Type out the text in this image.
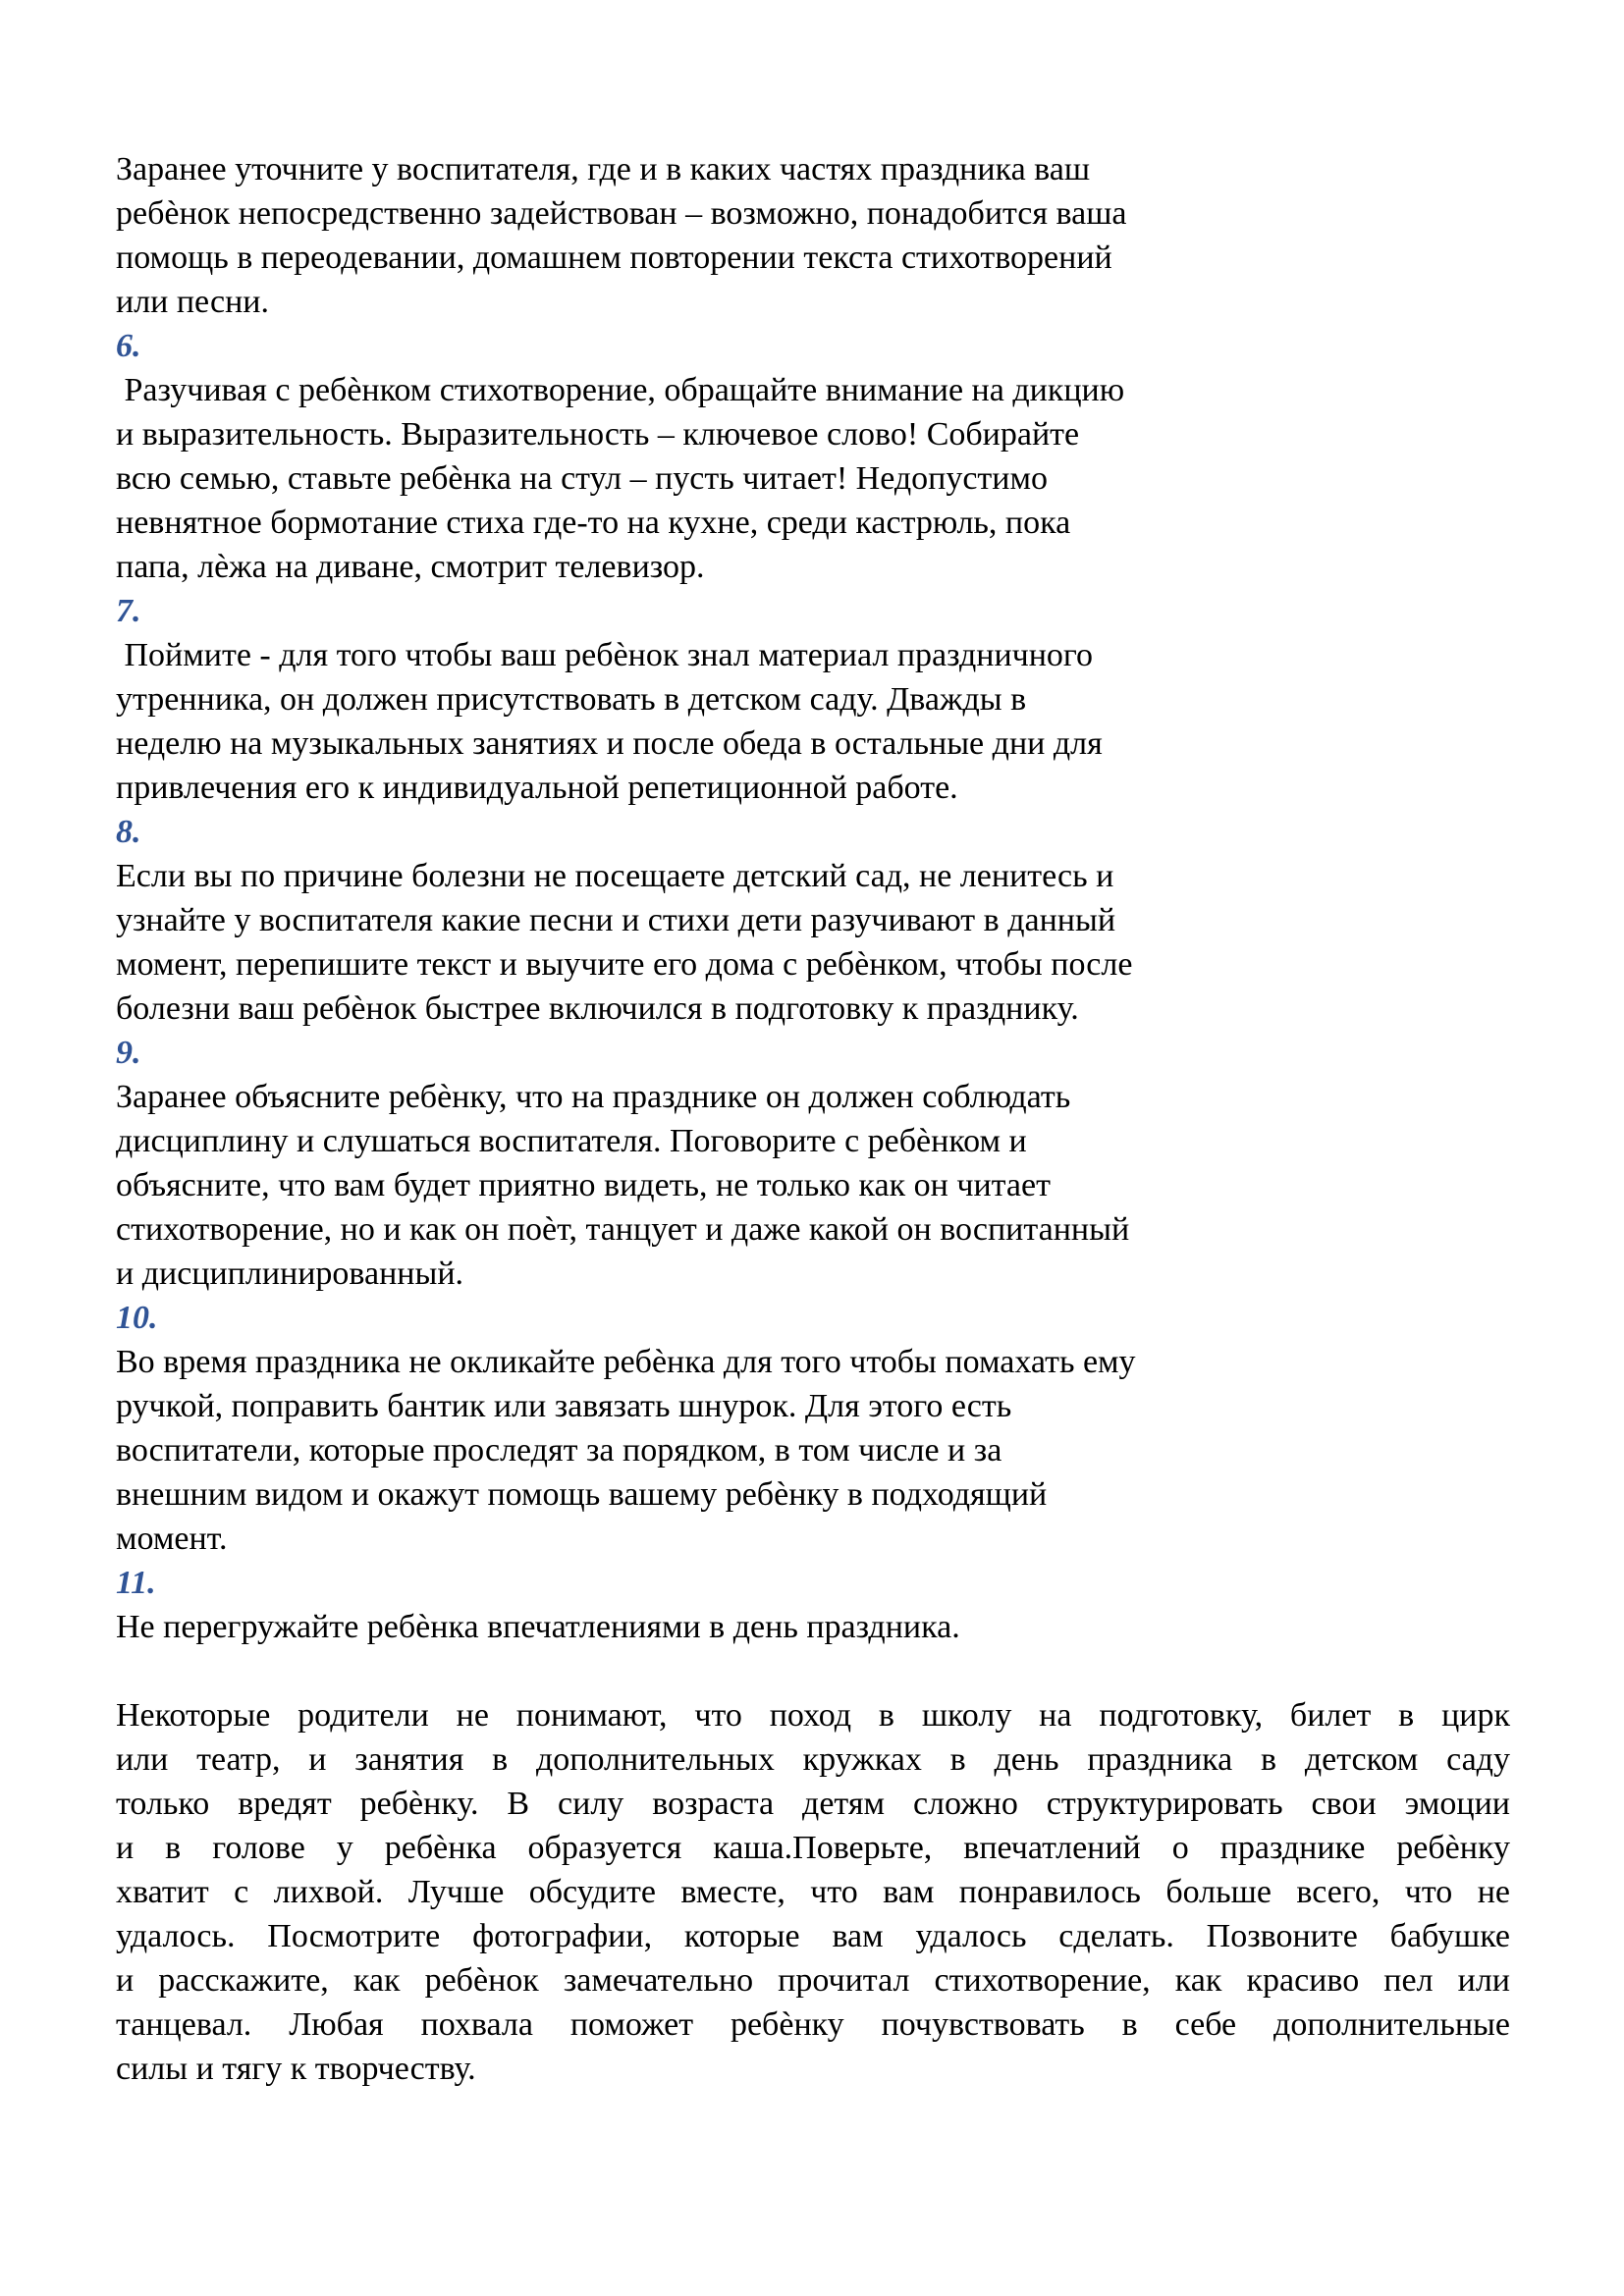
Заранее уточните у воспитателя, где и в каких частях праздника ваш
ребѐнок непосредственно задействован – возможно, понадобится ваша
помощь в переодевании, домашнем повторении текста стихотворений
или песни.
6.
Разучивая с ребѐнком стихотворение, обращайте внимание на дикцию
и выразительность. Выразительность – ключевое слово! Собирайте
всю семью, ставьте ребѐнка на стул – пусть читает! Недопустимо
невнятное бормотание стиха где-то на кухне, среди кастрюль, пока
папа, лѐжа на диване, смотрит телевизор.
7.
Поймите - для того чтобы ваш ребѐнок знал материал праздничного
утренника, он должен присутствовать в детском саду. Дважды в
неделю на музыкальных занятиях и после обеда в остальные дни для
привлечения его к индивидуальной репетиционной работе.
8.
Если вы по причине болезни не посещаете детский сад, не ленитесь и
узнайте у воспитателя какие песни и стихи дети разучивают в данный
момент, перепишите текст и выучите его дома с ребѐнком, чтобы после
болезни ваш ребѐнок быстрее включился в подготовку к празднику.
9.
Заранее объясните ребѐнку, что на празднике он должен соблюдать
дисциплину и слушаться воспитателя. Поговорите с ребѐнком и
объясните, что вам будет приятно видеть, не только как он читает
стихотворение, но и как он поѐт, танцует и даже какой он воспитанный
и дисциплинированный.
10.
Во время праздника не окликайте ребѐнка для того чтобы помахать ему
ручкой, поправить бантик или завязать шнурок. Для этого есть
воспитатели, которые проследят за порядком, в том числе и за
внешним видом и окажут помощь вашему ребѐнку в подходящий
момент.
11.
Не перегружайте ребѐнка впечатлениями в день праздника.
Некоторые родители не понимают, что поход в школу на подготовку, билет в цирк
или театр, и занятия в дополнительных кружках в день праздника в детском саду
только вредят ребѐнку. В силу возраста детям сложно структурировать свои эмоции
и в голове у ребѐнка образуется каша.Поверьте, впечатлений о празднике ребѐнку
хватит с лихвой. Лучше обсудите вместе, что вам понравилось больше всего, что не
удалось. Посмотрите фотографии, которые вам удалось сделать. Позвоните бабушке
и расскажите, как ребѐнок замечательно прочитал стихотворение, как красиво пел или
танцевал. Любая похвала поможет ребѐнку почувствовать в себе дополнительные
силы и тягу к творчеству.
